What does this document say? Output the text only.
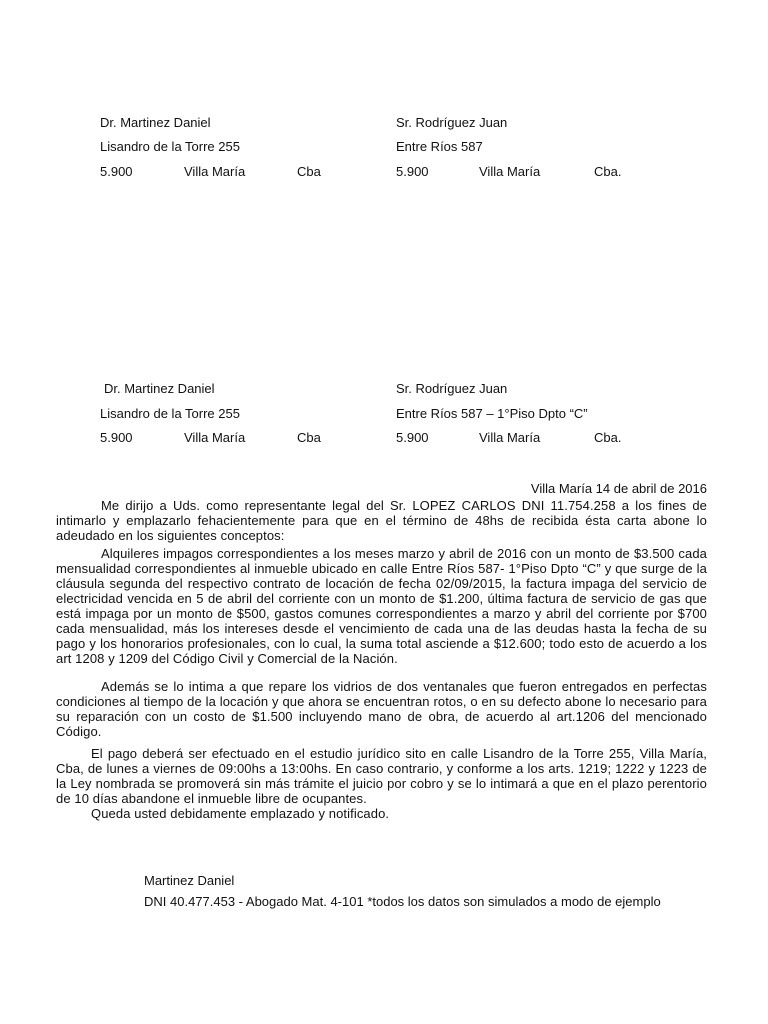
Dr. Martinez Daniel	Sr. Rodríguez Juan
Lisandro de la Torre 255	Entre Ríos 587
5.900	Villa María	Cba	5.900	Villa María	Cba.
Dr. Martinez Daniel	Sr. Rodríguez Juan
Lisandro de la Torre 255	Entre Ríos 587 – 1°Piso Dpto “C”
5.900	Villa María	Cba	5.900	Villa María	Cba.
Villa María 14 de abril de 2016

Me dirijo a Uds. como representante legal del Sr. LOPEZ CARLOS DNI 11.754.258 a los fines de intimarlo y emplazarlo fehacientemente para que en el término de 48hs de recibida ésta carta abone lo adeudado en los siguientes conceptos:

Alquileres impagos correspondientes a los meses marzo y abril de 2016 con un monto de $3.500 cada mensualidad correspondientes al inmueble ubicado en calle Entre Ríos 587- 1°Piso Dpto “C” y que surge de la cláusula segunda del respectivo contrato de locación de fecha 02/09/2015, la factura impaga del servicio de electricidad vencida en 5 de abril del corriente con un monto de $1.200, última factura de servicio de gas que está impaga por un monto de $500, gastos comunes correspondientes a marzo y abril del corriente por $700 cada mensualidad, más los intereses desde el vencimiento de cada una de las deudas hasta la fecha de su pago y los honorarios profesionales, con lo cual, la suma total asciende a $12.600; todo esto de acuerdo a los art 1208 y 1209 del Código Civil y Comercial de la Nación.

Además se lo intima a que repare los vidrios de dos ventanales que fueron entregados en perfectas condiciones al tiempo de la locación y que ahora se encuentran rotos, o en su defecto abone lo necesario para su reparación con un costo de $1.500 incluyendo mano de obra, de acuerdo al art.1206 del mencionado Código.

El pago deberá ser efectuado en el estudio jurídico sito en calle Lisandro de la Torre 255, Villa María, Cba, de lunes a viernes de 09:00hs a 13:00hs. En caso contrario, y conforme a los arts. 1219; 1222 y 1223 de la Ley nombrada se promoverá sin más trámite el juicio por cobro y se lo intimará a que en el plazo perentorio de 10 días abandone el inmueble libre de ocupantes.

Queda usted debidamente emplazado y notificado.

Martinez Daniel

DNI 40.477.453 - Abogado Mat. 4-101 *todos los datos son simulados a modo de ejemplo
